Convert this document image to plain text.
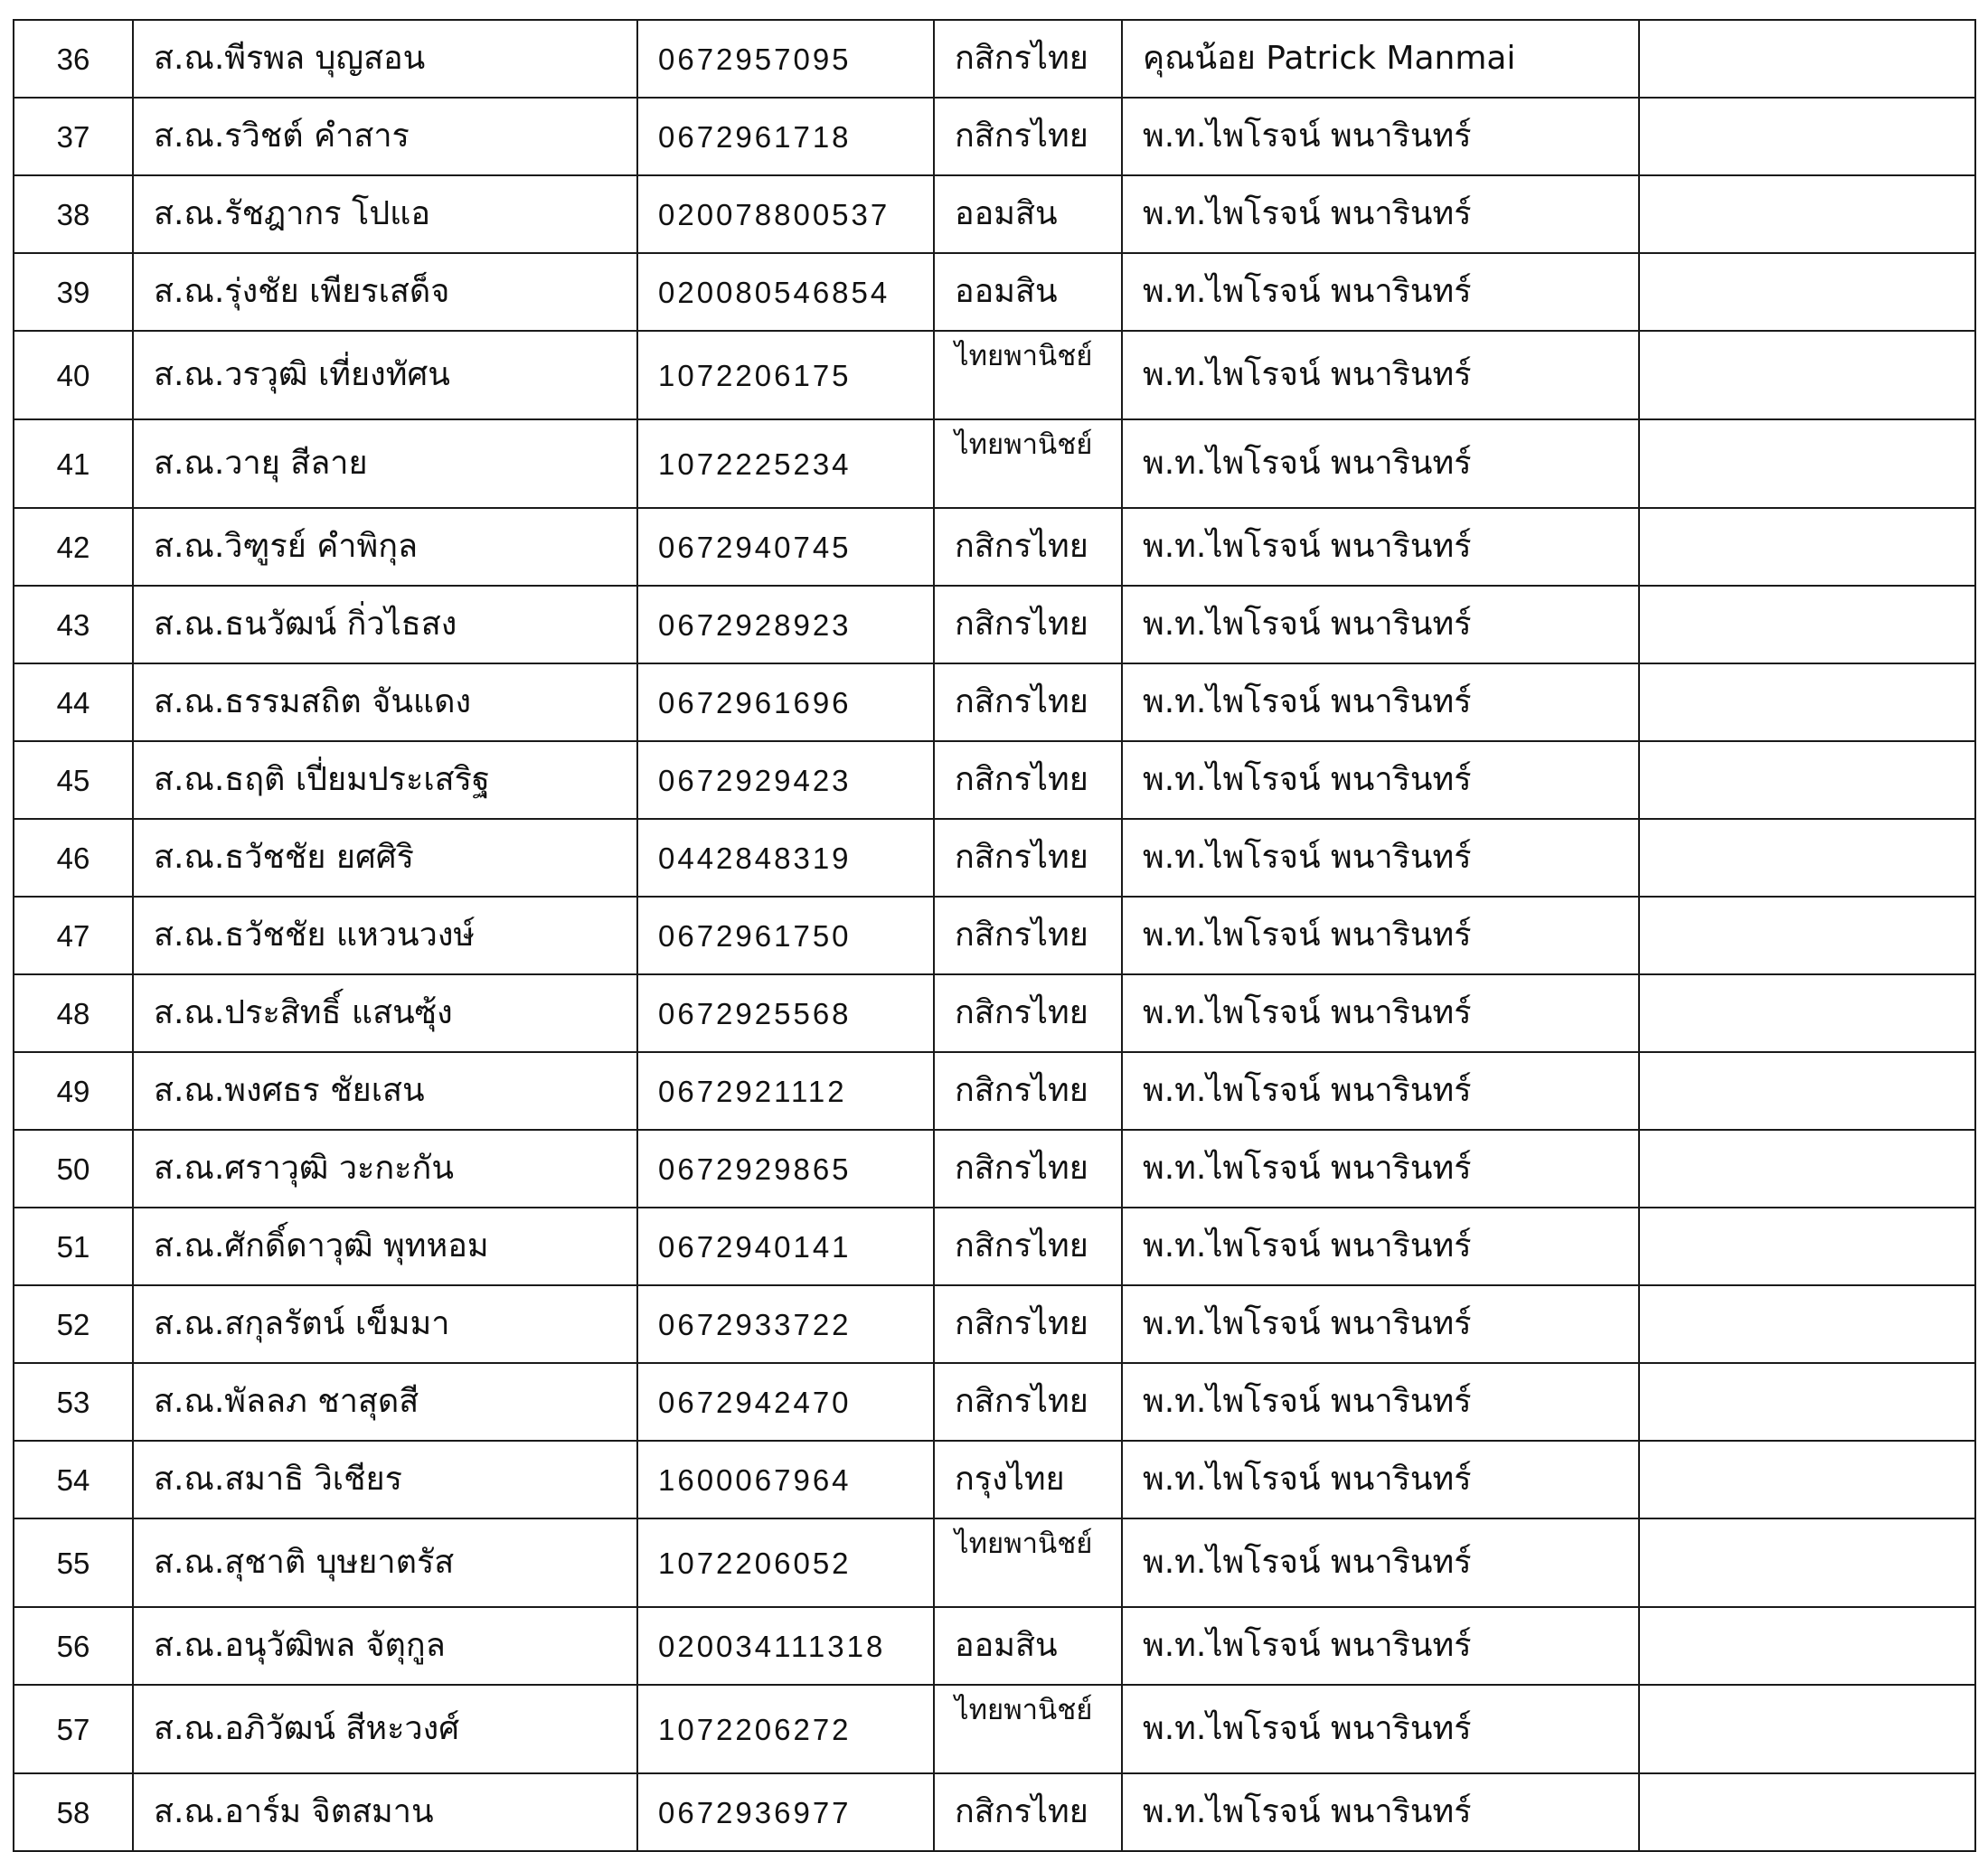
36	ส.ณ.พีรพล บุญสอน	0672957095	กสิกรไทย	คุณน้อย Patrick Manmai	
37	ส.ณ.รวิชต์ คำสาร	0672961718	กสิกรไทย	พ.ท.ไพโรจน์ พนารินทร์	
38	ส.ณ.รัชฎากร โปแอ	020078800537	ออมสิน	พ.ท.ไพโรจน์ พนารินทร์	
39	ส.ณ.รุ่งชัย เพียรเสด็จ	020080546854	ออมสิน	พ.ท.ไพโรจน์ พนารินทร์	
40	ส.ณ.วรวุฒิ เที่ยงทัศน	1072206175	ไทยพานิชย์	พ.ท.ไพโรจน์ พนารินทร์	
41	ส.ณ.วายุ สีลาย	1072225234	ไทยพานิชย์	พ.ท.ไพโรจน์ พนารินทร์	
42	ส.ณ.วิฑูรย์ คำพิกุล	0672940745	กสิกรไทย	พ.ท.ไพโรจน์ พนารินทร์	
43	ส.ณ.ธนวัฒน์ กิ่วไธสง	0672928923	กสิกรไทย	พ.ท.ไพโรจน์ พนารินทร์	
44	ส.ณ.ธรรมสถิต จันแดง	0672961696	กสิกรไทย	พ.ท.ไพโรจน์ พนารินทร์	
45	ส.ณ.ธฤติ เปี่ยมประเสริฐ	0672929423	กสิกรไทย	พ.ท.ไพโรจน์ พนารินทร์	
46	ส.ณ.ธวัชชัย ยศศิริ	0442848319	กสิกรไทย	พ.ท.ไพโรจน์ พนารินทร์	
47	ส.ณ.ธวัชชัย แหวนวงษ์	0672961750	กสิกรไทย	พ.ท.ไพโรจน์ พนารินทร์	
48	ส.ณ.ประสิทธิ์ แสนซุ้ง	0672925568	กสิกรไทย	พ.ท.ไพโรจน์ พนารินทร์	
49	ส.ณ.พงศธร ชัยเสน	0672921112	กสิกรไทย	พ.ท.ไพโรจน์ พนารินทร์	
50	ส.ณ.ศราวุฒิ วะกะกัน	0672929865	กสิกรไทย	พ.ท.ไพโรจน์ พนารินทร์	
51	ส.ณ.ศักดิ์ดาวุฒิ พุทหอม	0672940141	กสิกรไทย	พ.ท.ไพโรจน์ พนารินทร์	
52	ส.ณ.สกุลรัตน์ เข็มมา	0672933722	กสิกรไทย	พ.ท.ไพโรจน์ พนารินทร์	
53	ส.ณ.พัลลภ ชาสุดสี	0672942470	กสิกรไทย	พ.ท.ไพโรจน์ พนารินทร์	
54	ส.ณ.สมาธิ วิเชียร	1600067964	กรุงไทย	พ.ท.ไพโรจน์ พนารินทร์	
55	ส.ณ.สุชาติ บุษยาตรัส	1072206052	ไทยพานิชย์	พ.ท.ไพโรจน์ พนารินทร์	
56	ส.ณ.อนุวัฒิพล จัตุกูล	020034111318	ออมสิน	พ.ท.ไพโรจน์ พนารินทร์	
57	ส.ณ.อภิวัฒน์ สีหะวงศ์	1072206272	ไทยพานิชย์	พ.ท.ไพโรจน์ พนารินทร์	
58	ส.ณ.อาร์ม จิตสมาน	0672936977	กสิกรไทย	พ.ท.ไพโรจน์ พนารินทร์	
